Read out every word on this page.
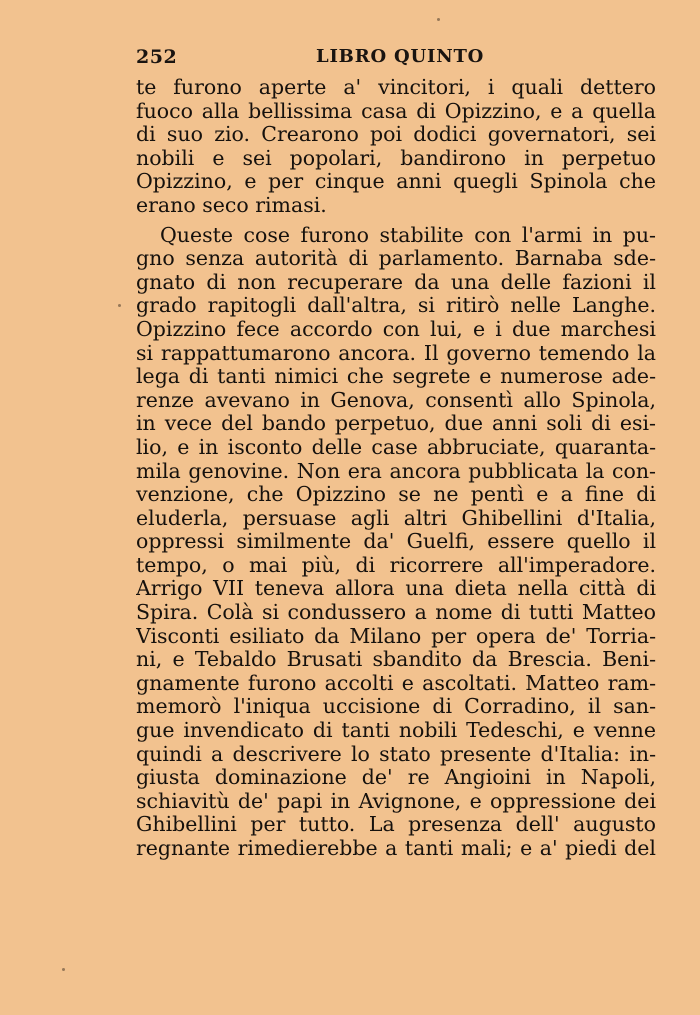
252	LIBRO QUINTO
te furono aperte a' vincitori, i quali dettero
fuoco alla bellissima casa di Opizzino, e a quella
di suo zio. Crearono poi dodici governatori, sei
nobili e sei popolari, bandirono in perpetuo
Opizzino, e per cinque anni quegli Spinola che
erano seco rimasi.
Queste cose furono stabilite con l'armi in pu-
gno senza autorità di parlamento. Barnaba sde-
gnato di non recuperare da una delle fazioni il
grado rapitogli dall'altra, si ritirò nelle Langhe.
Opizzino fece accordo con lui, e i due marchesi
si rappattumarono ancora. Il governo temendo la
lega di tanti nimici che segrete e numerose ade-
renze avevano in Genova, consentì allo Spinola,
in vece del bando perpetuo, due anni soli di esi-
lio, e in isconto delle case abbruciate, quaranta-
mila genovine. Non era ancora pubblicata la con-
venzione, che Opizzino se ne pentì e a fine di
eluderla, persuase agli altri Ghibellini d'Italia,
oppressi similmente da' Guelfi, essere quello il
tempo, o mai più, di ricorrere all'imperadore.
Arrigo VII teneva allora una dieta nella città di
Spira. Colà si condussero a nome di tutti Matteo
Visconti esiliato da Milano per opera de' Torria-
ni, e Tebaldo Brusati sbandito da Brescia. Beni-
gnamente furono accolti e ascoltati. Matteo ram-
memorò l'iniqua uccisione di Corradino, il san-
gue invendicato di tanti nobili Tedeschi, e venne
quindi a descrivere lo stato presente d'Italia: in-
giusta dominazione de' re Angioini in Napoli,
schiavitù de' papi in Avignone, e oppressione dei
Ghibellini per tutto. La presenza dell' augusto
regnante rimedierebbe a tanti mali; e a' piedi del
